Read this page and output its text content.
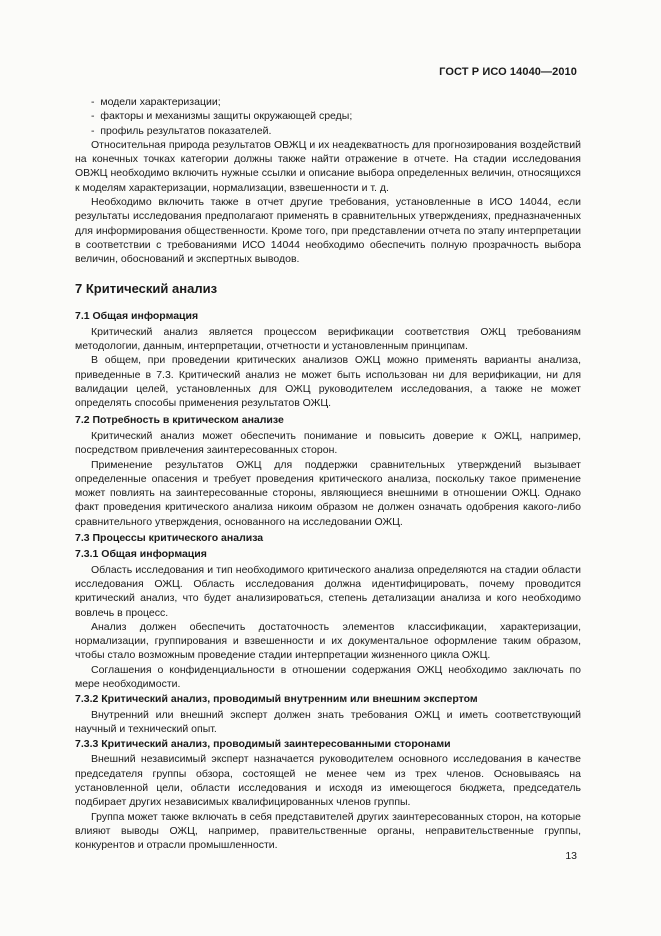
ГОСТ Р ИСО 14040—2010

-  модели характеризации;

-  факторы и механизмы защиты окружающей среды;

-  профиль результатов показателей.

Относительная природа результатов ОВЖЦ и их неадекватность для прогнозирования воздействий на конечных точках категории должны также найти отражение в отчете. На стадии исследования ОВЖЦ необходимо включить нужные ссылки и описание выбора определенных величин, относящихся к моделям характеризации, нормализации, взвешенности и т. д.

Необходимо включить также в отчет другие требования, установленные в ИСО 14044, если результаты исследования предполагают применять в сравнительных утверждениях, предназначенных для информирования общественности. Кроме того, при представлении отчета по этапу интерпретации в соответствии с требованиями ИСО 14044 необходимо обеспечить полную прозрачность выбора величин, обоснований и экспертных выводов.

7 Критический анализ
7.1 Общая информация

Критический анализ является процессом верификации соответствия ОЖЦ требованиям методологии, данным, интерпретации, отчетности и установленным принципам.

В общем, при проведении критических анализов ОЖЦ можно применять варианты анализа, приведенные в 7.3. Критический анализ не может быть использован ни для верификации, ни для валидации целей, установленных для ОЖЦ руководителем исследования, а также не может определять способы применения результатов ОЖЦ.

7.2 Потребность в критическом анализе

Критический анализ может обеспечить понимание и повысить доверие к ОЖЦ, например, посредством привлечения заинтересованных сторон.

Применение результатов ОЖЦ для поддержки сравнительных утверждений вызывает определенные опасения и требует проведения критического анализа, поскольку такое применение может повлиять на заинтересованные стороны, являющиеся внешними в отношении ОЖЦ. Однако факт проведения критического анализа никоим образом не должен означать одобрения какого-либо сравнительного утверждения, основанного на исследовании ОЖЦ.

7.3 Процессы критического анализа
7.3.1 Общая информация

Область исследования и тип необходимого критического анализа определяются на стадии области исследования ОЖЦ. Область исследования должна идентифицировать, почему проводится критический анализ, что будет анализироваться, степень детализации анализа и кого необходимо вовлечь в процесс.

Анализ должен обеспечить достаточность элементов классификации, характеризации, нормализации, группирования и взвешенности и их документальное оформление таким образом, чтобы стало возможным проведение стадии интерпретации жизненного цикла ОЖЦ.

Соглашения о конфиденциальности в отношении содержания ОЖЦ необходимо заключать по мере необходимости.

7.3.2 Критический анализ, проводимый внутренним или внешним экспертом

Внутренний или внешний эксперт должен знать требования ОЖЦ и иметь соответствующий научный и технический опыт.

7.3.3 Критический анализ, проводимый заинтересованными сторонами

Внешний независимый эксперт назначается руководителем основного исследования в качестве председателя группы обзора, состоящей не менее чем из трех членов. Основываясь на установленной цели, области исследования и исходя из имеющегося бюджета, председатель подбирает других независимых квалифицированных членов группы.

Группа может также включать в себя представителей других заинтересованных сторон, на которые влияют выводы ОЖЦ, например, правительственные органы, неправительственные группы, конкурентов и отрасли промышленности.

13
